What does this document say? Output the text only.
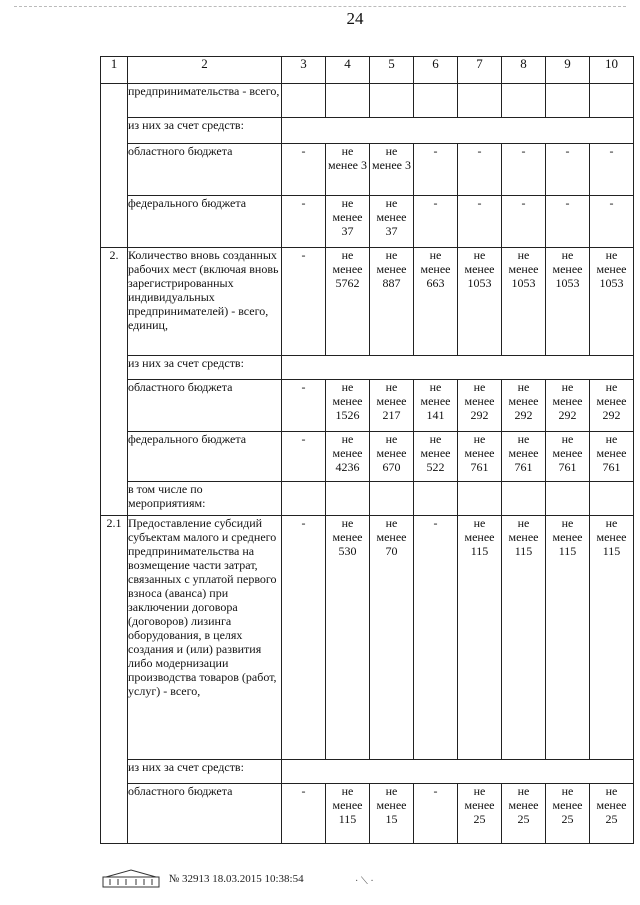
24
1	2	3	4	5	6	7	8	9	10
	предпринимательства - всего,								
	из них за счет средств:								
	областного бюджета	-	не менее 3	не менее 3	-	-	-	-	-
	федерального бюджета	-	не менее 37	не менее 37	-	-	-	-	-
2.	Количество вновь созданных рабочих мест (включая вновь зарегистрированных индивидуальных предпринимателей) - всего, единиц,	-	не менее 5762	не менее 887	не менее 663	не менее 1053	не менее 1053	не менее 1053	не менее 1053
	из них за счет средств:								
	областного бюджета	-	не менее 1526	не менее 217	не менее 141	не менее 292	не менее 292	не менее 292	не менее 292
	федерального бюджета	-	не менее 4236	не менее 670	не менее 522	не менее 761	не менее 761	не менее 761	не менее 761
	в том числе по мероприятиям:								
2.1	Предоставление субсидий субъектам малого и среднего предпринимательства на возмещение части затрат, связанных с уплатой первого взноса (аванса) при заключении договора (договоров) лизинга оборудования, в целях создания и (или) развития либо модернизации производства товаров (работ, услуг) - всего,	-	не менее 530	не менее 70	-	не менее 115	не менее 115	не менее 115	не менее 115
	из них за счет средств:								
	областного бюджета	-	не менее 115	не менее 15	-	не менее 25	не менее 25	не менее 25	не менее 25
№ 32913 18.03.2015 10:38:54	· ⟍ ·
